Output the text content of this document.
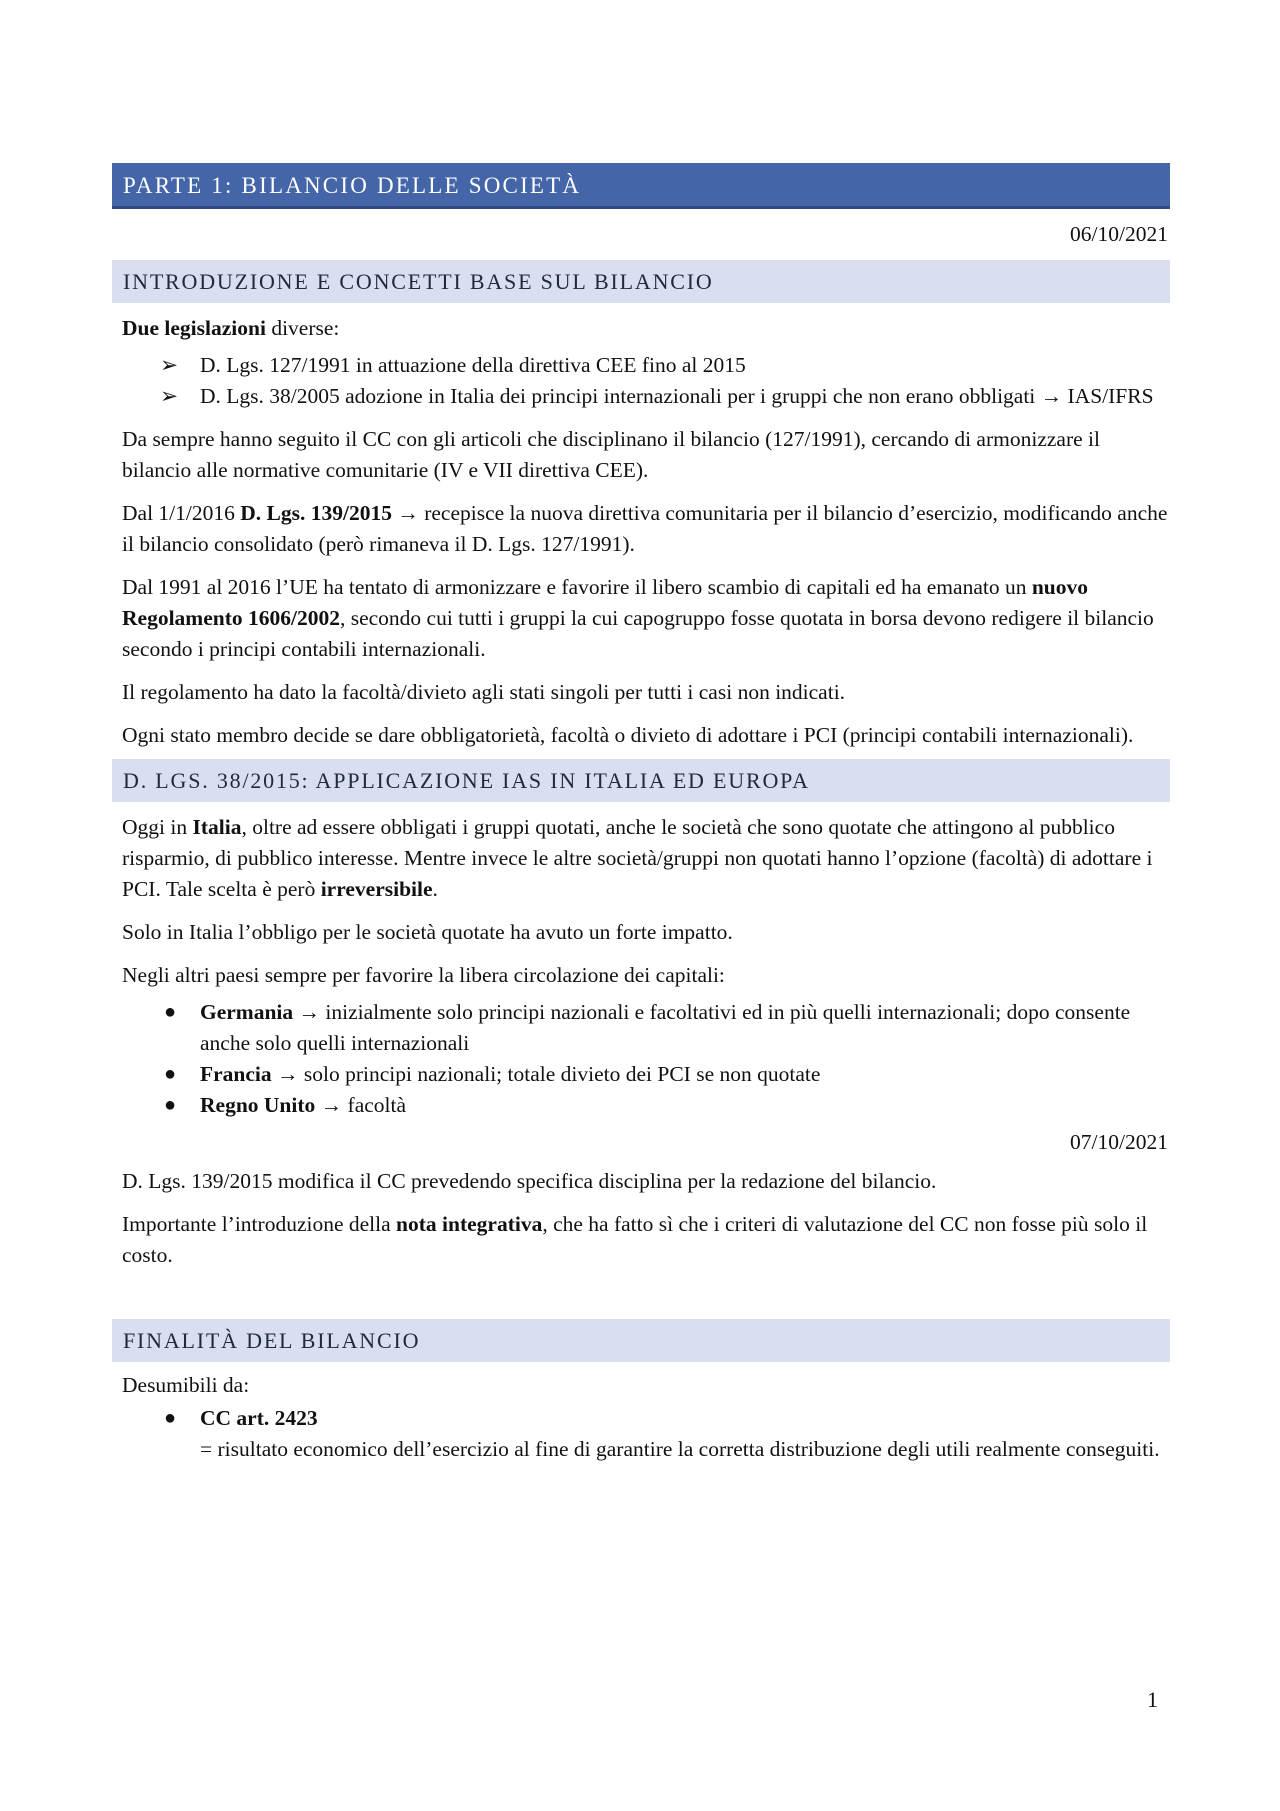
PARTE 1: BILANCIO DELLE SOCIETÀ
06/10/2021
INTRODUZIONE E CONCETTI BASE SUL BILANCIO

Due legislazioni diverse:

➢ D. Lgs. 127/1991 in attuazione della direttiva CEE fino al 2015
➢ D. Lgs. 38/2005 adozione in Italia dei principi internazionali per i gruppi che non erano obbligati → IAS/IFRS

Da sempre hanno seguito il CC con gli articoli che disciplinano il bilancio (127/1991), cercando di armonizzare il bilancio alle normative comunitarie (IV e VII direttiva CEE).

Dal 1/1/2016 D. Lgs. 139/2015 → recepisce la nuova direttiva comunitaria per il bilancio d’esercizio, modificando anche il bilancio consolidato (però rimaneva il D. Lgs. 127/1991).

Dal 1991 al 2016 l’UE ha tentato di armonizzare e favorire il libero scambio di capitali ed ha emanato un nuovo Regolamento 1606/2002, secondo cui tutti i gruppi la cui capogruppo fosse quotata in borsa devono redigere il bilancio secondo i principi contabili internazionali.

Il regolamento ha dato la facoltà/divieto agli stati singoli per tutti i casi non indicati.

Ogni stato membro decide se dare obbligatorietà, facoltà o divieto di adottare i PCI (principi contabili internazionali).

D. LGS. 38/2015: APPLICAZIONE IAS IN ITALIA ED EUROPA

Oggi in Italia, oltre ad essere obbligati i gruppi quotati, anche le società che sono quotate che attingono al pubblico risparmio, di pubblico interesse. Mentre invece le altre società/gruppi non quotati hanno l’opzione (facoltà) di adottare i PCI. Tale scelta è però irreversibile.

Solo in Italia l’obbligo per le società quotate ha avuto un forte impatto.

Negli altri paesi sempre per favorire la libera circolazione dei capitali:

● Germania → inizialmente solo principi nazionali e facoltativi ed in più quelli internazionali; dopo consente anche solo quelli internazionali
● Francia → solo principi nazionali; totale divieto dei PCI se non quotate
● Regno Unito → facoltà
07/10/2021

D. Lgs. 139/2015 modifica il CC prevedendo specifica disciplina per la redazione del bilancio.

Importante l’introduzione della nota integrativa, che ha fatto sì che i criteri di valutazione del CC non fosse più solo il costo.

FINALITÀ DEL BILANCIO

Desumibili da:

● CC art. 2423
= risultato economico dell’esercizio al fine di garantire la corretta distribuzione degli utili realmente conseguiti.
1
